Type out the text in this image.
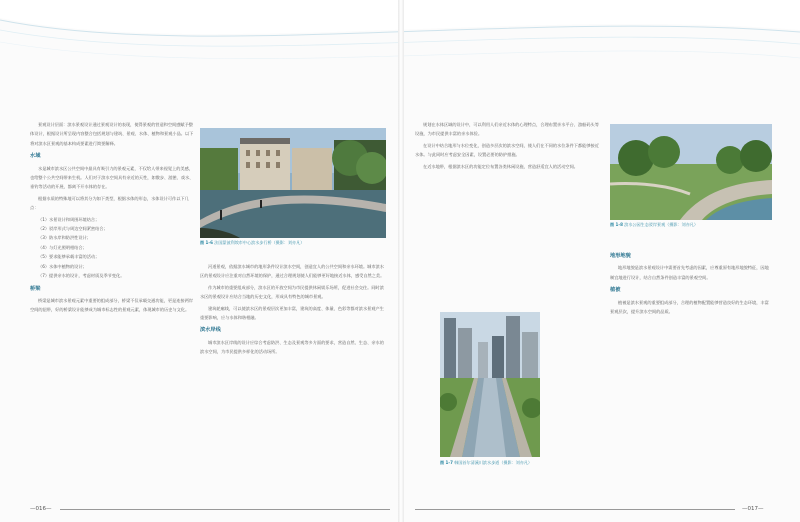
景观设计层面：滨水景观设计通过景观设计的表现，使得景观的营造和空间感赋予整体设计，根据设计所呈现内容整合包括规划与建筑、景观、水体、植物和景观小品。以下将对滨水区景观的基本构成要素进行简要解释。

水域

水是城市滨水区公共空间中最具有吸引力的景观元素，不仅给人带来视觉上的美感，也给整个公共空间带来生机。人们对于滨水空间具有亲近的天性，如散步、游憩、戏水、垂钓等活动的开展，都离不开水体的存在。

根据水质的特殊地可以将其分为如下类型，根据水体的形态，水体设计可作以下几点：

（1）水景设计和周围环境结合；

（2）驳岸形式与周边空间紧密结合；

（3）防水岸和防洪性设计；

（4）与灯光照明相结合；

（5）要求能够承载丰富的活动；

（6）水体中植物的设计；

（7）提供亲水的设计，考虑材质及季节变化。

桥梁

桥梁是城市滨水景观元素中重要的组成部分，桥梁不仅承载交通功能，更是连接两岸空间的纽带，好的桥梁设计能够成为城市标志性的景观元素，体现城市的历史与文化。

图 1-6 法国蒙彼利埃市中心滨水步行桥（摄影：刘亦凡）

河道景观，依据滨水城市的地形条件设计滨水空间，创造宜人的公共空间和亲水环境。城市滨水区的景观设计应注重对自然环境的保护，通过合理规划使人们能够更好地接近水体，感受自然之美。

作为城市的重要组成部分，滨水区的开放空间为市民提供休闲娱乐场所，促进社会交往。同时滨水区的景观设计应结合当地的历史文化，形成具有特色的城市景观。

建筑轮廓线，可以使滨水区的景观层次更加丰富，建筑的高度、体量、色彩等都对滨水景观产生重要影响，应与水体和谐相融。

滨水岸线

城市滨水区岸线的设计应综合考虑防洪、生态及景观等多方面的要求，营造自然、生态、亲水的滨水空间，为市民提供多样化的活动场所。

—016—

规划在水体区域的设计中，可以利用人们亲近水体的心理特点，合理布置亲水平台、游船码头等设施，为市民提供丰富的亲水体验。

在设计中结合地形与水位变化，创造多层次的滨水空间，使人们在不同的水位条件下都能够接近水体。与此同时应考虑安全因素，设置必要的防护措施。

在近水地带，根据滨水区的功能定位布置各类休闲设施，营造舒适宜人的活动空间。

图 1-7 韩国首尔清溪川滨水步道（摄影：刘亦凡）
图 1-8 滨水公园生态驳岸景观（摄影：刘亦凡）

地形地貌

地形地貌是滨水景观设计中需要首先考虑的因素，应尊重原有地形地貌特征，因地制宜地进行设计，结合自然条件创造丰富的景观空间。

植被

植被是滨水景观的重要组成部分，合理的植物配置能够营造良好的生态环境，丰富景观层次，提升滨水空间的品质。

—017—
